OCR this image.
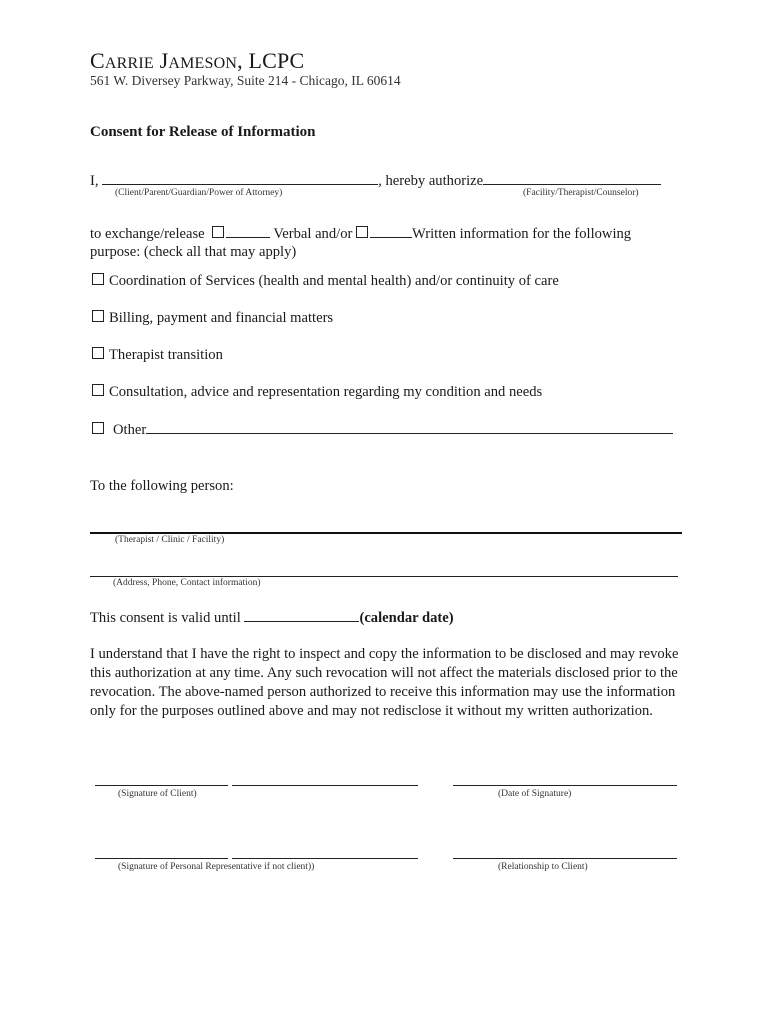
CARRIE JAMESON, LCPC
561 W. Diversey Parkway, Suite 214 - Chicago, IL 60614
Consent for Release of Information
I,	, hereby authorize
(Client/Parent/Guardian/Power of Attorney)	(Facility/Therapist/Counselor)
to exchange/release	Verbal and/or	Written information for the following
purpose: (check all that may apply)
Coordination of Services (health and mental health) and/or continuity of care
Billing, payment and financial matters
Therapist transition
Consultation, advice and representation regarding my condition and needs
Other
To the following person:
(Therapist / Clinic / Facility)
(Address, Phone, Contact information)
This consent is valid until	(calendar date)
I understand that I have the right to inspect and copy the information to be disclosed and may revoke this authorization at any time. Any such revocation will not affect the materials disclosed prior to the revocation. The above-named person authorized to receive this information may use the information only for the purposes outlined above and may not redisclose it without my written authorization.
(Signature of Client)	(Date of Signature)
(Signature of Personal Representative if not client))	(Relationship to Client)
